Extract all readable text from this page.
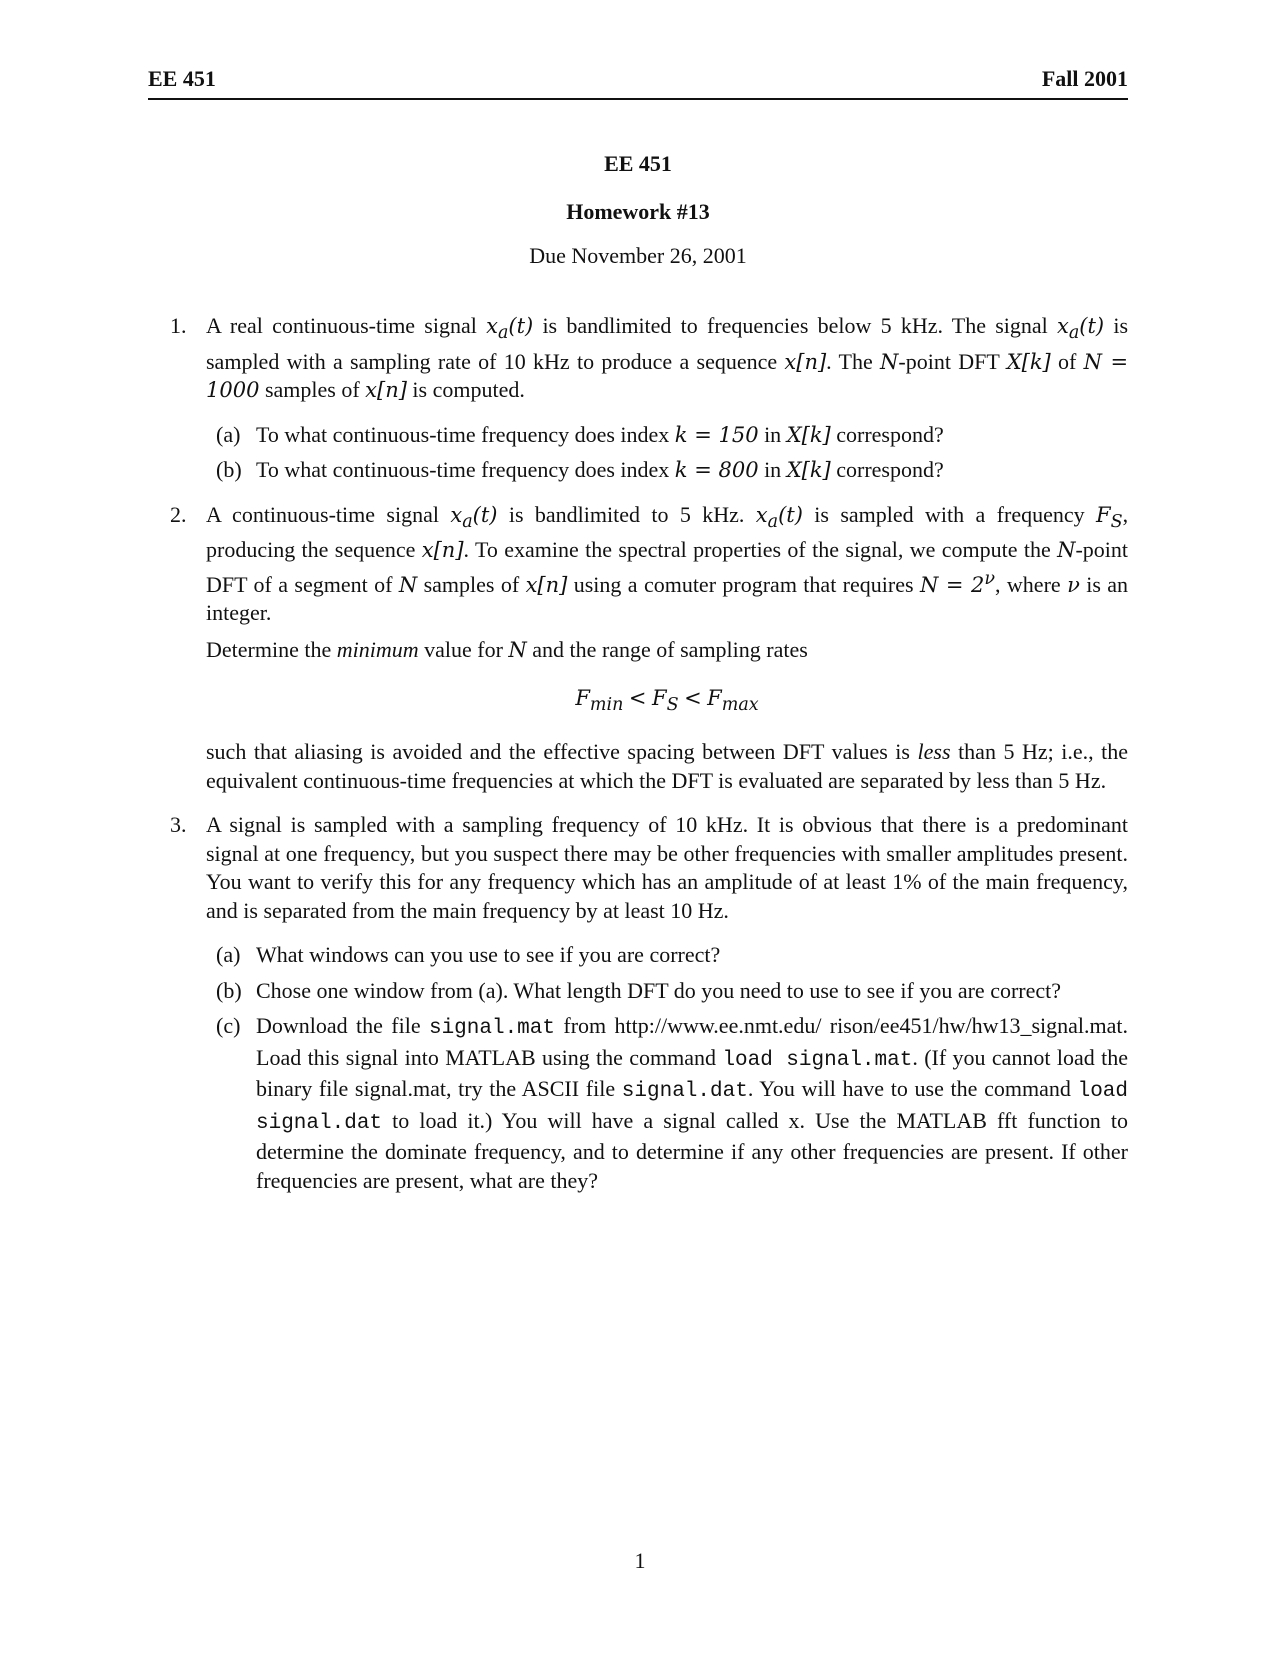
EE 451	Fall 2001
EE 451
Homework #13
Due November 26, 2001
1. A real continuous-time signal $x_a(t)$ is bandlimited to frequencies below 5 kHz. The signal $x_a(t)$ is sampled with a sampling rate of 10 kHz to produce a sequence x[n]. The N-point DFT X[k] of N = 1000 samples of x[n] is computed.

(a) To what continuous-time frequency does index k = 150 in X[k] correspond?
(b) To what continuous-time frequency does index k = 800 in X[k] correspond?
2. A continuous-time signal $x_a(t)$ is bandlimited to 5 kHz. $x_a(t)$ is sampled with a frequency $F_S$, producing the sequence x[n]. To examine the spectral properties of the signal, we compute the N-point DFT of a segment of N samples of x[n] using a comuter program that requires $N = 2^\nu$, where ν is an integer.

Determine the minimum value for N and the range of sampling rates

$F_{min} < F_S < F_{max}$

such that aliasing is avoided and the effective spacing between DFT values is less than 5 Hz; i.e., the equivalent continuous-time frequencies at which the DFT is evaluated are separated by less than 5 Hz.

3. A signal is sampled with a sampling frequency of 10 kHz. It is obvious that there is a predominant signal at one frequency, but you suspect there may be other frequencies with smaller amplitudes present. You want to verify this for any frequency which has an amplitude of at least 1% of the main frequency, and is separated from the main frequency by at least 10 Hz.

(a) What windows can you use to see if you are correct?
(b) Chose one window from (a). What length DFT do you need to use to see if you are correct?
(c) Download the file signal.mat from http://www.ee.nmt.edu/ rison/ee451/hw/hw13_signal.mat. Load this signal into MATLAB using the command load signal.mat. (If you cannot load the binary file signal.mat, try the ASCII file signal.dat. You will have to use the command load signal.dat to load it.) You will have a signal called x. Use the MATLAB fft function to determine the dominate frequency, and to determine if any other frequencies are present. If other frequencies are present, what are they?
1
